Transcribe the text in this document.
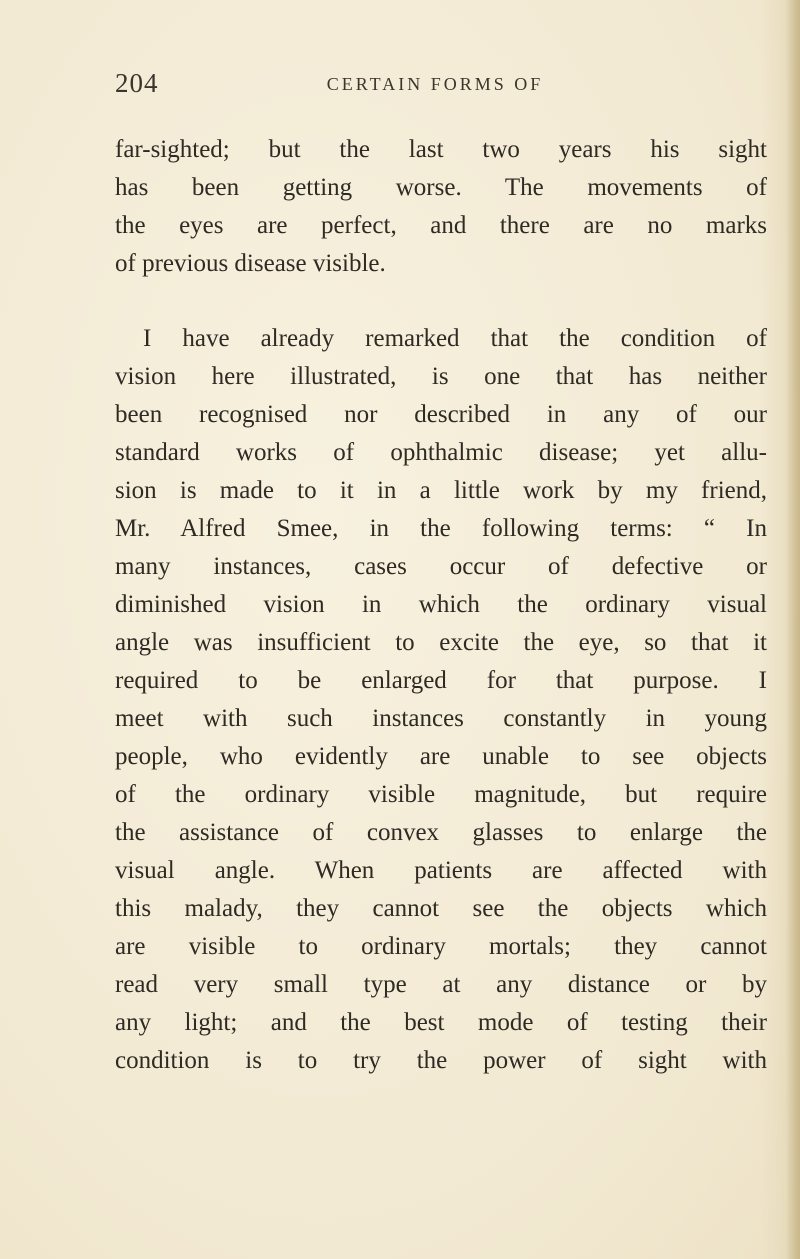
204	CERTAIN FORMS OF

far-sighted; but the last two years his sight
has been getting worse. The movements of
the eyes are perfect, and there are no marks
of previous disease visible.

I have already remarked that the condition of
vision here illustrated, is one that has neither
been recognised nor described in any of our
standard works of ophthalmic disease; yet allu-
sion is made to it in a little work by my friend,
Mr. Alfred Smee, in the following terms: “ In
many instances, cases occur of defective or
diminished vision in which the ordinary visual
angle was insufficient to excite the eye, so that it
required to be enlarged for that purpose. I
meet with such instances constantly in young
people, who evidently are unable to see objects
of the ordinary visible magnitude, but require
the assistance of convex glasses to enlarge the
visual angle. When patients are affected with
this malady, they cannot see the objects which
are visible to ordinary mortals; they cannot
read very small type at any distance or by
any light; and the best mode of testing their
condition is to try the power of sight with
